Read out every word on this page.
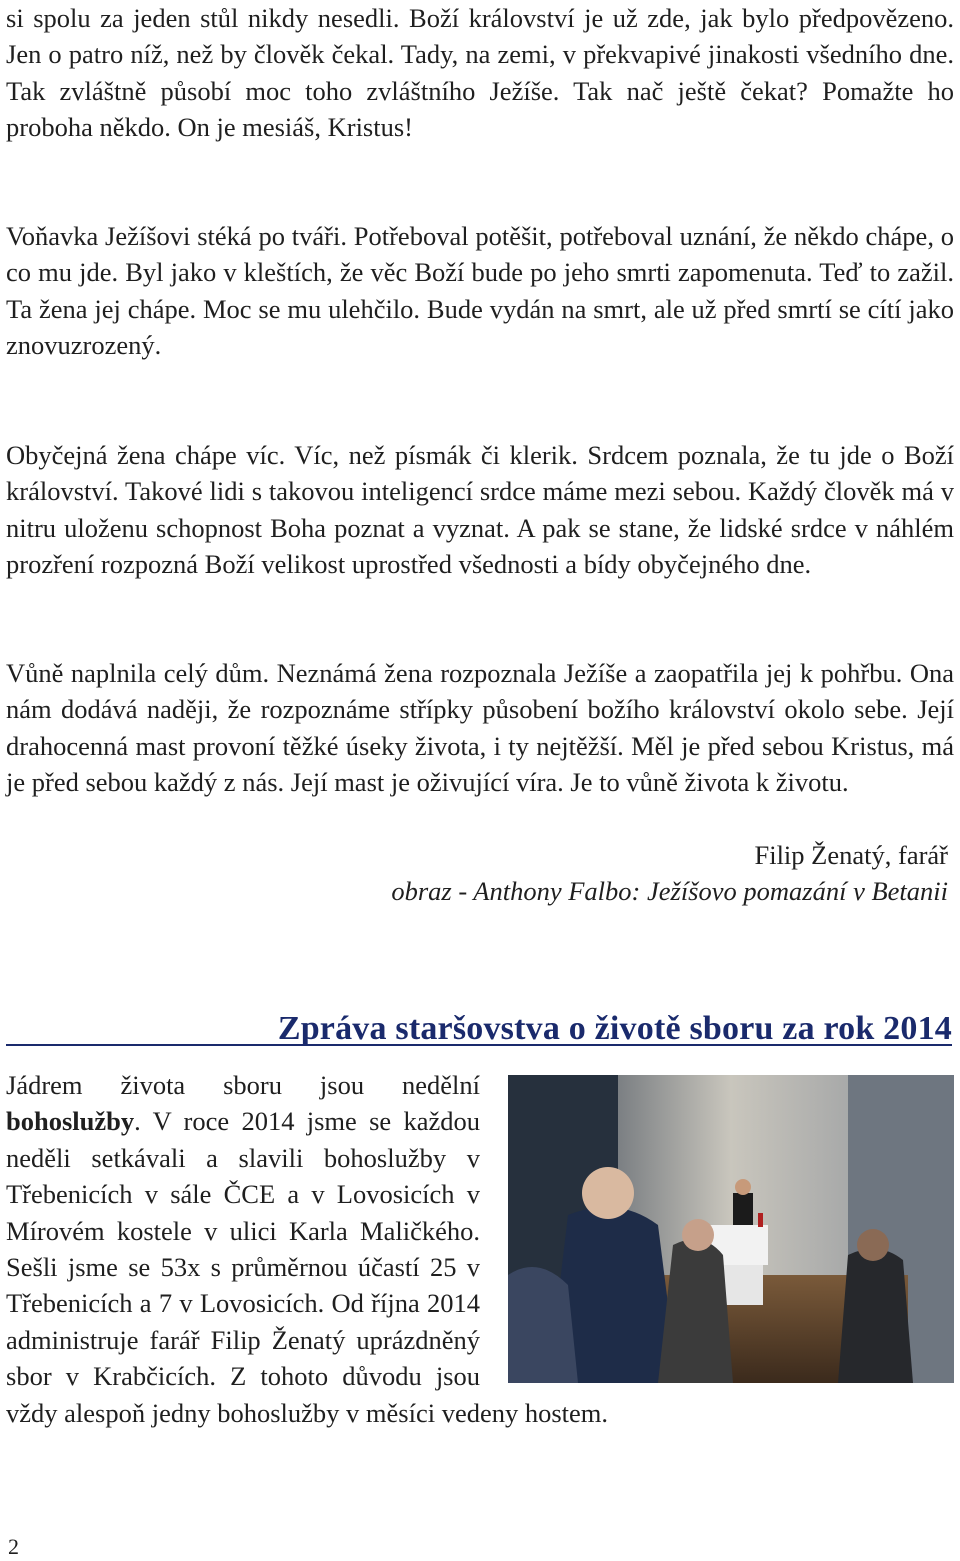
si spolu za jeden stůl nikdy nesedli. Boží království je už zde, jak bylo předpovězeno. Jen o patro níž, než by člověk čekal. Tady, na zemi, v překvapivé jinakosti všedního dne. Tak zvláštně působí moc toho zvláštního Ježíše. Tak nač ještě čekat? Pomažte ho proboha někdo. On je mesiáš, Kristus!

Voňavka Ježíšovi stéká po tváři. Potřeboval potěšit, potřeboval uznání, že někdo chápe, o co mu jde. Byl jako v kleštích, že věc Boží bude po jeho smrti zapomenuta. Teď to zažil. Ta žena jej chápe. Moc se mu ulehčilo. Bude vydán na smrt, ale už před smrtí se cítí jako znovuzrozený.

Obyčejná žena chápe víc. Víc, než písmák či klerik. Srdcem poznala, že tu jde o Boží království. Takové lidi s takovou inteligencí srdce máme mezi sebou. Každý člověk má v nitru uloženu schopnost Boha poznat a vyznat. A pak se stane, že lidské srdce v náhlém prozření rozpozná Boží velikost uprostřed všednosti a bídy obyčejného dne.

Vůně naplnila celý dům. Neznámá žena rozpoznala Ježíše a zaopatřila jej k pohřbu. Ona nám dodává naději, že rozpoznáme střípky působení božího království okolo sebe. Její drahocenná mast provoní těžké úseky života, i ty nejtěžší. Měl je před sebou Kristus, má je před sebou každý z nás. Její mast je oživující víra. Je to vůně života k životu.

Filip Ženatý, farář

obraz - Anthony Falbo: Ježíšovo pomazání v Betanii

Zpráva staršovstva o životě sboru za rok 2014

Jádrem života sboru jsou nedělní bohoslužby. V roce 2014 jsme se každou neděli setkávali a slavili bohoslužby v Třebenicích v sále ČCE a v Lovosicích v Mírovém kostele v ulici Karla Maličkého. Sešli jsme se 53x s průměrnou účastí 25 v Třebenicích a 7 v Lovosicích. Od října 2014 administruje farář Filip Ženatý uprázdněný sbor v Krabčicích. Z tohoto důvodu jsou vždy alespoň jedny bohoslužby v měsíci vedeny hostem.

2
